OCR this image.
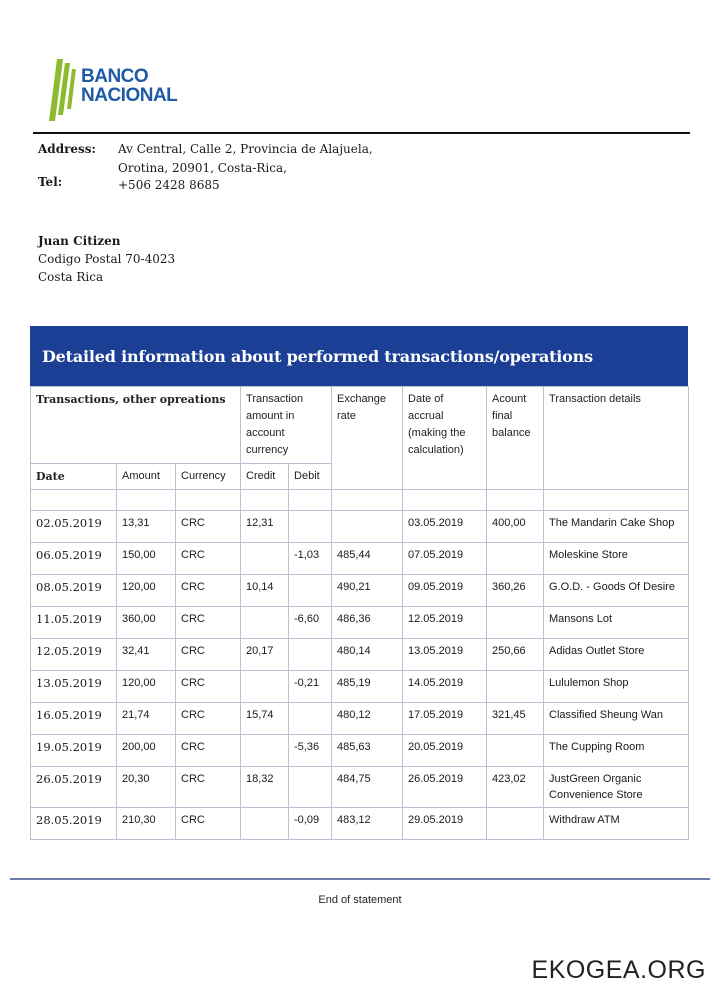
BANCO
NACIONAL
Address:	Av Central, Calle 2, Provincia de Alajuela,
Orotina, 20901, Costa-Rica,
Tel:	+506 2428 8685
Juan Citizen
Codigo Postal 70-4023
Costa Rica
Detailed information about performed transactions/operations
Transactions, other opreations			Transaction amount in account currency		Exchange rate	Date of accrual (making the calculation)	Acount final balance	Transaction details
Date	Amount	Currency	Credit	Debit				

02.05.2019	13,31	CRC	12,31			03.05.2019	400,00	The Mandarin Cake Shop
06.05.2019	150,00	CRC		-1,03	485,44	07.05.2019		Moleskine Store
08.05.2019	120,00	CRC	10,14		490,21	09.05.2019	360,26	G.O.D. - Goods Of Desire
11.05.2019	360,00	CRC		-6,60	486,36	12.05.2019		Mansons Lot
12.05.2019	32,41	CRC	20,17		480,14	13.05.2019	250,66	Adidas Outlet Store
13.05.2019	120,00	CRC		-0,21	485,19	14.05.2019		Lululemon Shop
16.05.2019	21,74	CRC	15,74		480,12	17.05.2019	321,45	Classified Sheung Wan
19.05.2019	200,00	CRC		-5,36	485,63	20.05.2019		The Cupping Room
26.05.2019	20,30	CRC	18,32		484,75	26.05.2019	423,02	JustGreen Organic Convenience Store
28.05.2019	210,30	CRC		-0,09	483,12	29.05.2019		Withdraw ATM
End of statement
EKOGEA.ORG
